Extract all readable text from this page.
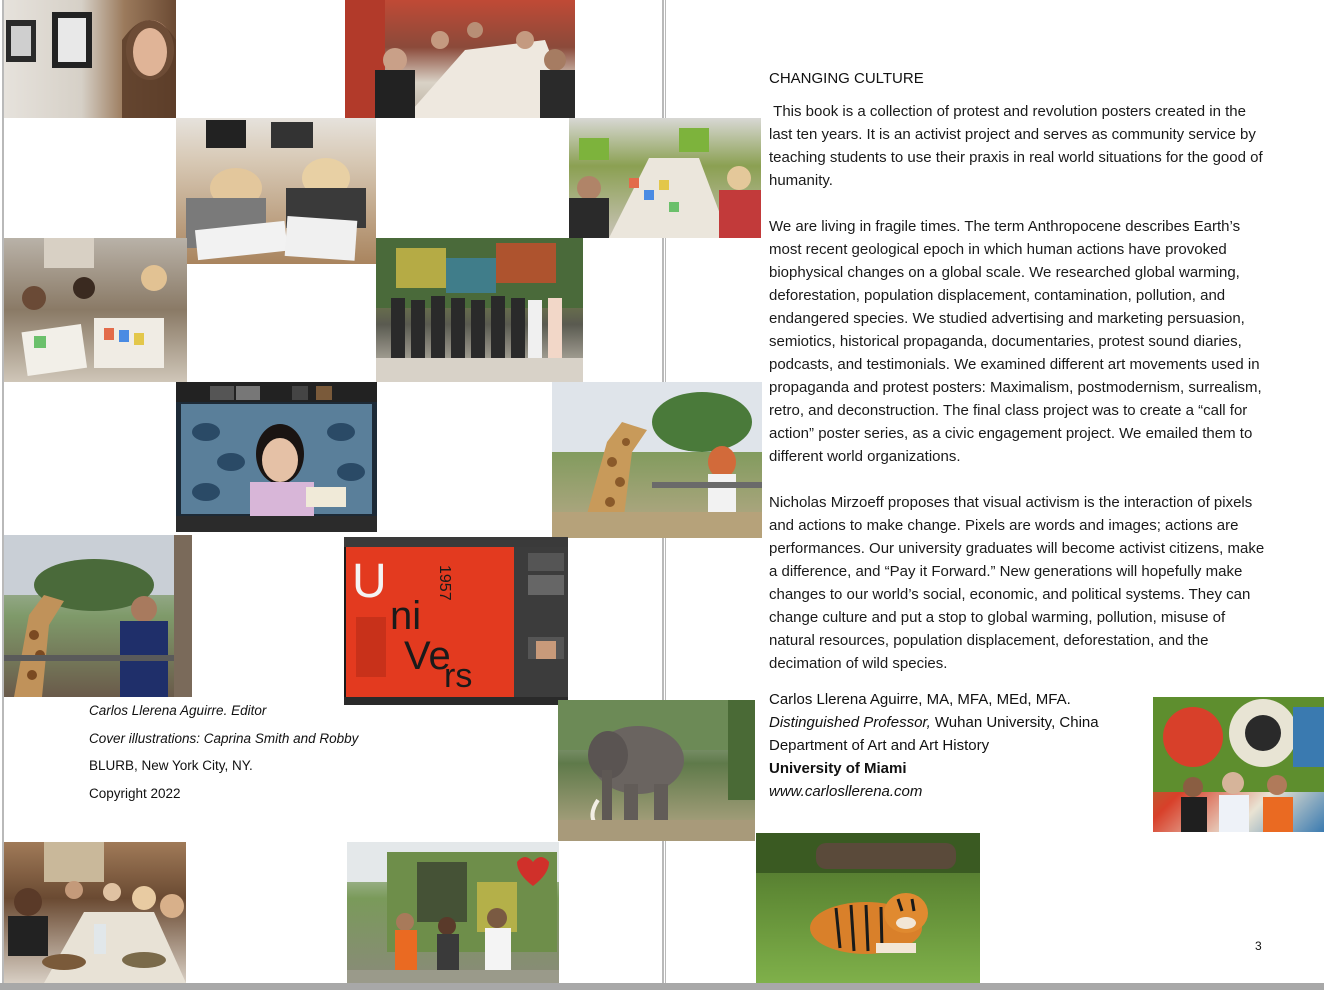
U
ni
Ve
rs
1957
Carlos Llerena Aguirre. Editor
Cover illustrations: Caprina Smith and Robby
BLURB, New York City, NY.
Copyright 2022
CHANGING CULTURE

This book is a collection of protest and revolution posters created in the last ten years. It is an activist project and serves as community service by teaching students to use their praxis in real world situations for the good of humanity.

We are living in fragile times. The term Anthropocene describes Earth’s most recent geological epoch in which human actions have provoked biophysical changes on a global scale. We researched global warming, deforestation, population displacement, contamination, pollution, and endangered species. We studied advertising and marketing persuasion, semiotics, historical propaganda, documentaries, protest sound diaries, podcasts, and testimonials. We examined different art movements used in propaganda and protest posters: Maximalism, postmodernism, surrealism, retro, and deconstruction. The final class project was to create a “call for action” poster series, as a civic engagement project. We emailed them to different world organizations.

Nicholas Mirzoeff proposes that visual activism is the interaction of pixels and actions to make change. Pixels are words and images; actions are performances. Our university graduates will become activist citizens, make a difference, and “Pay it Forward.” New generations will hopefully make changes to our world’s social, economic, and political systems. They can change culture and put a stop to global warming, pollution, misuse of natural resources, population displacement, deforestation, and the decimation of wild species.

Carlos Llerena Aguirre, MA, MFA, MEd, MFA.
Distinguished Professor, Wuhan University, China
Department of Art and Art History
University of Miami
www.carlosllerena.com
3
